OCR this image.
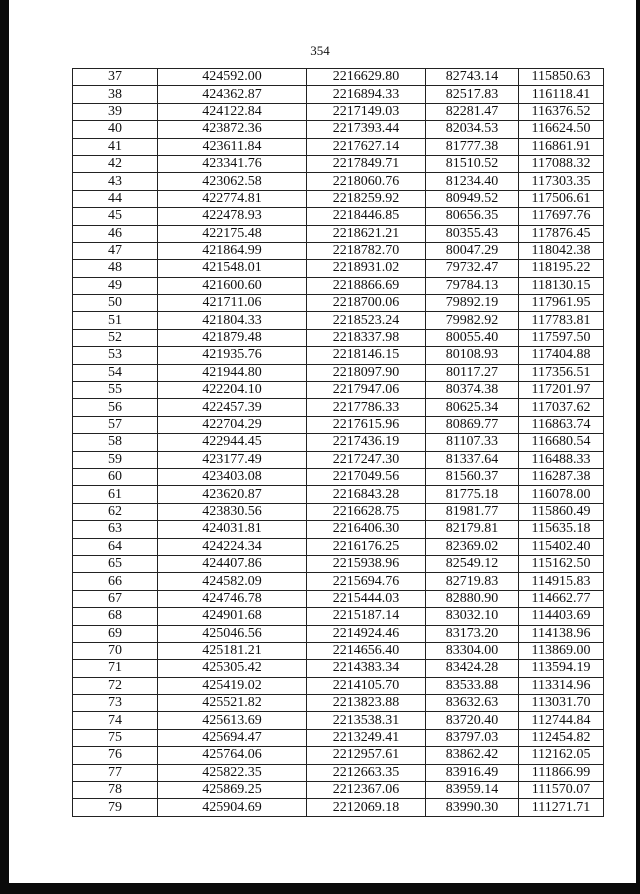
354
37	424592.00	2216629.80	82743.14	115850.63
38	424362.87	2216894.33	82517.83	116118.41
39	424122.84	2217149.03	82281.47	116376.52
40	423872.36	2217393.44	82034.53	116624.50
41	423611.84	2217627.14	81777.38	116861.91
42	423341.76	2217849.71	81510.52	117088.32
43	423062.58	2218060.76	81234.40	117303.35
44	422774.81	2218259.92	80949.52	117506.61
45	422478.93	2218446.85	80656.35	117697.76
46	422175.48	2218621.21	80355.43	117876.45
47	421864.99	2218782.70	80047.29	118042.38
48	421548.01	2218931.02	79732.47	118195.22
49	421600.60	2218866.69	79784.13	118130.15
50	421711.06	2218700.06	79892.19	117961.95
51	421804.33	2218523.24	79982.92	117783.81
52	421879.48	2218337.98	80055.40	117597.50
53	421935.76	2218146.15	80108.93	117404.88
54	421944.80	2218097.90	80117.27	117356.51
55	422204.10	2217947.06	80374.38	117201.97
56	422457.39	2217786.33	80625.34	117037.62
57	422704.29	2217615.96	80869.77	116863.74
58	422944.45	2217436.19	81107.33	116680.54
59	423177.49	2217247.30	81337.64	116488.33
60	423403.08	2217049.56	81560.37	116287.38
61	423620.87	2216843.28	81775.18	116078.00
62	423830.56	2216628.75	81981.77	115860.49
63	424031.81	2216406.30	82179.81	115635.18
64	424224.34	2216176.25	82369.02	115402.40
65	424407.86	2215938.96	82549.12	115162.50
66	424582.09	2215694.76	82719.83	114915.83
67	424746.78	2215444.03	82880.90	114662.77
68	424901.68	2215187.14	83032.10	114403.69
69	425046.56	2214924.46	83173.20	114138.96
70	425181.21	2214656.40	83304.00	113869.00
71	425305.42	2214383.34	83424.28	113594.19
72	425419.02	2214105.70	83533.88	113314.96
73	425521.82	2213823.88	83632.63	113031.70
74	425613.69	2213538.31	83720.40	112744.84
75	425694.47	2213249.41	83797.03	112454.82
76	425764.06	2212957.61	83862.42	112162.05
77	425822.35	2212663.35	83916.49	111866.99
78	425869.25	2212367.06	83959.14	111570.07
79	425904.69	2212069.18	83990.30	111271.71
